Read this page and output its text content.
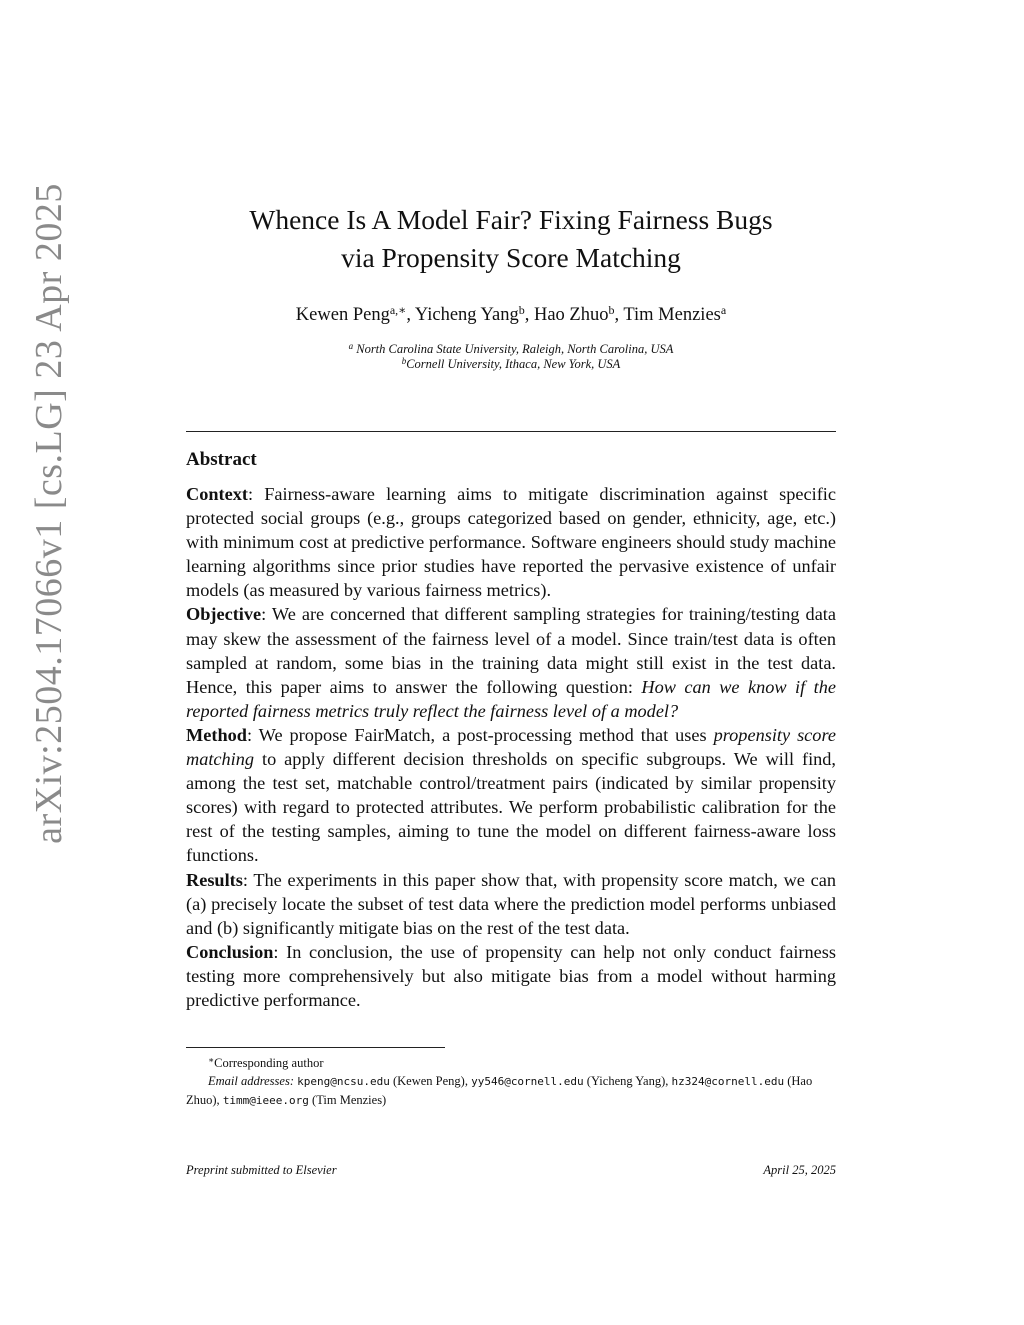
arXiv:2504.17066v1 [cs.LG] 23 Apr 2025	Whence Is A Model Fair? Fixing Fairness Bugs
via Propensity Score Matching
Kewen Peng$^{a,∗}$, Yicheng Yang$^b$, Hao Zhuo$^b$, Tim Menzies$^a$
$^a$ North Carolina State University, Raleigh, North Carolina, USA
$^b$Cornell University, Ithaca, New York, USA
Abstract

Context: Fairness-aware learning aims to mitigate discrimination against specific protected social groups (e.g., groups categorized based on gender, ethnicity, age, etc.) with minimum cost at predictive performance. Software engineers should study machine learning algorithms since prior studies have reported the pervasive existence of unfair models (as measured by various fairness metrics).

Objective: We are concerned that different sampling strategies for training/testing data may skew the assessment of the fairness level of a model. Since train/test data is often sampled at random, some bias in the training data might still exist in the test data. Hence, this paper aims to answer the following question: How can we know if the reported fairness metrics truly reflect the fairness level of a model?

Method: We propose FairMatch, a post-processing method that uses propensity score matching to apply different decision thresholds on specific subgroups. We will find, among the test set, matchable control/treatment pairs (indicated by similar propensity scores) with regard to protected attributes. We perform probabilistic calibration for the rest of the testing samples, aiming to tune the model on different fairness-aware loss functions.

Results: The experiments in this paper show that, with propensity score match, we can (a) precisely locate the subset of test data where the prediction model performs unbiased and (b) significantly mitigate bias on the rest of the test data.

Conclusion: In conclusion, the use of propensity can help not only conduct fairness testing more comprehensively but also mitigate bias from a model without harming predictive performance.

∗Corresponding author

Email addresses: kpeng@ncsu.edu (Kewen Peng), yy546@cornell.edu (Yicheng Yang), hz324@cornell.edu (Hao Zhuo), timm@ieee.org (Tim Menzies)

Preprint submitted to Elsevier	April 25, 2025
